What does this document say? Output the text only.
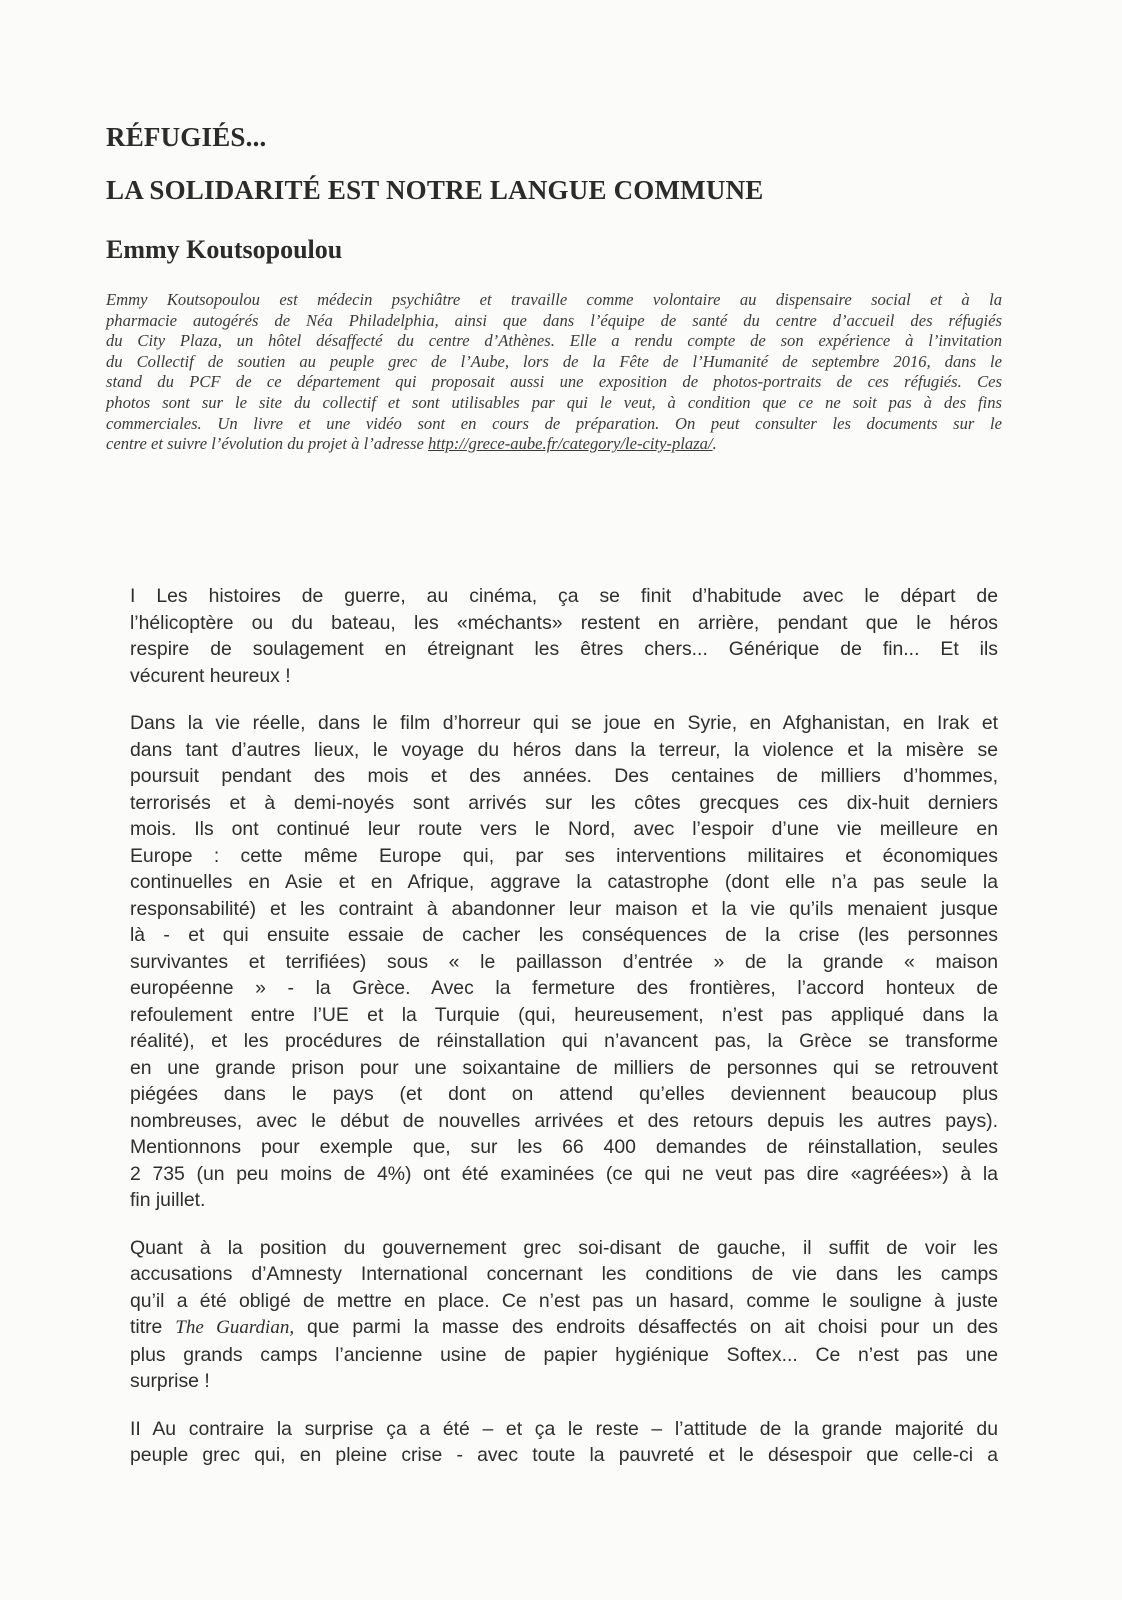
RÉFUGIÉS...
LA SOLIDARITÉ EST NOTRE LANGUE COMMUNE
Emmy Koutsopoulou
Emmy Koutsopoulou est médecin psychiâtre et travaille comme volontaire au dispensaire social et à la
pharmacie autogérés de Néa Philadelphia, ainsi que dans l’équipe de santé du centre d’accueil des réfugiés
du City Plaza, un hôtel désaffecté du centre d’Athènes. Elle a rendu compte de son expérience à l’invitation
du Collectif de soutien au peuple grec de l’Aube, lors de la Fête de l’Humanité de septembre 2016, dans le
stand du PCF de ce département qui proposait aussi une exposition de photos-portraits de ces réfugiés. Ces
photos sont sur le site du collectif et sont utilisables par qui le veut, à condition que ce ne soit pas à des fins
commerciales. Un livre et une vidéo sont en cours de préparation. On peut consulter les documents sur le
centre et suivre l’évolution du projet à l’adresse http://grece-aube.fr/category/le-city-plaza/.
I Les histoires de guerre, au cinéma, ça se finit d’habitude avec le départ de
l’hélicoptère ou du bateau, les «méchants» restent en arrière, pendant que le héros
respire de soulagement en étreignant les êtres chers... Générique de fin... Et ils
vécurent heureux !
Dans la vie réelle, dans le film d’horreur qui se joue en Syrie, en Afghanistan, en Irak et
dans tant d’autres lieux, le voyage du héros dans la terreur, la violence et la misère se
poursuit pendant des mois et des années. Des centaines de milliers d’hommes,
terrorisés et à demi-noyés sont arrivés sur les côtes grecques ces dix-huit derniers
mois. Ils ont continué leur route vers le Nord, avec l’espoir d’une vie meilleure en
Europe : cette même Europe qui, par ses interventions militaires et économiques
continuelles en Asie et en Afrique, aggrave la catastrophe (dont elle n’a pas seule la
responsabilité) et les contraint à abandonner leur maison et la vie qu’ils menaient jusque
là - et qui ensuite essaie de cacher les conséquences de la crise (les personnes
survivantes et terrifiées) sous « le paillasson d’entrée » de la grande « maison
européenne » - la Grèce. Avec la fermeture des frontières, l’accord honteux de
refoulement entre l’UE et la Turquie (qui, heureusement, n’est pas appliqué dans la
réalité), et les procédures de réinstallation qui n’avancent pas, la Grèce se transforme
en une grande prison pour une soixantaine de milliers de personnes qui se retrouvent
piégées dans le pays (et dont on attend qu’elles deviennent beaucoup plus
nombreuses, avec le début de nouvelles arrivées et des retours depuis les autres pays).
Mentionnons pour exemple que, sur les 66 400 demandes de réinstallation, seules
2 735 (un peu moins de 4%) ont été examinées (ce qui ne veut pas dire «agréées») à la
fin juillet.
Quant à la position du gouvernement grec soi-disant de gauche, il suffit de voir les
accusations d’Amnesty International concernant les conditions de vie dans les camps
qu’il a été obligé de mettre en place. Ce n’est pas un hasard, comme le souligne à juste
titre The Guardian, que parmi la masse des endroits désaffectés on ait choisi pour un des
plus grands camps l’ancienne usine de papier hygiénique Softex... Ce n’est pas une
surprise !
II Au contraire la surprise ça a été – et ça le reste – l’attitude de la grande majorité du
peuple grec qui, en pleine crise - avec toute la pauvreté et le désespoir que celle-ci a
